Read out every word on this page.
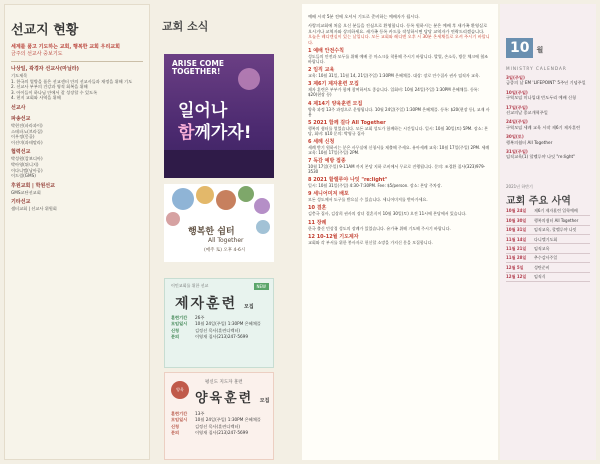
선교지 현황
세계를 품고 기도하는 교회, 행복한 교회 우리교회
금주의 선교사 중보기도
나상일, 곽경자 선교사(마닐라)
기도제목
1. 한국의 열방을 품은 선교센터 안의 선교사들과 재정을 위해 기도
2. 선교사 부부의 건강과 영적 회복을 위해
3. 아이들이 하나님 안에서 잘 성장할 수 있도록
4. 현지 교회와 사역을 위해
선교사
파송선교
박현진(파라과이)
스테파노(브라질)
이우정(몽골)
이선미(과테말라)
협력선교
박성원(캄보디아)
박아영(튀니지)
이다니엘(남아공)
이드림(GMS)
후원교회 | 학원선교
GMS교단선교회
기타선교
샘터교회 | 선교사 위원회
교회 소식
ARISE COME TOGETHER!
일어나
함께가자!
행복한 쉼터
All Together
(매주 토) 오후 4-6시
이민교회를 위한 선교	NEW
제자훈련 모집
훈련기간 26주
모임일시 10월 24일(주일) 1:30PM 은혜채플
신청	김정선 목사(훈련디렉터)
문의	이영재 집사(213)247-5699
양육
평신도 지도자 훈련
양육훈련 모집
훈련기간 13주
모임일시 10월 24일(주일) 1:30PM 은혜채플
신청	김정선 목사(훈련디렉터)
문의	이영재 집사(213)247-5699
예배 시작 5분 전에 오셔서 기도로 준비하는 예배자가 됩시다.
사랑의교회에 처음 오신 분들을 진심으로 환영합니다. 등록 원하시는 분은 예배 후 새가족 환영실로 오시거나 교역자와 상의하세요. 새가족 등록 카드를 작성하시면 담당 교역자가 연락드리겠습니다.
오늘은 레디엔실이 있는 날입니다. 모든 교회와 레디엔 오후 시 30분 온세채플로 오셔 주시기 바랍니다.
1 예배 안전수칙
성도들의 안전과 모두를 위해 예배 중 마스크를 착용해 주시기 바랍니다. 발열, 손소독, 방문 체크에 협조 바랍니다.
2 임직 교육
교육: 10월 31일, 11월 14, 21일(주일) 1:30PM 은혜채플. 대상: 장로 안수집사 권사 임직자 교육.
3 제6기 제자훈련 모집
제자 훈련은 부부가 함께 참여하셔도 좋습니다. 입회비: 10월 24일(주일) 1:30PM 은혜채플. 등록: $20(현장 등)
4 제14기 양육훈련 모집
양육 과정 13주 과정으로 운영됩니다. 10월 24일(주일) 1:30PM 은혜채플. 등록: $20(현장 등), 교재 사용
5 2021 함께 걸다 All Together
행복의 쉼터를 열었습니다. 모든 교회 성도가 함께하는 시간입니다. 일시: 10월 30일(토) 5PM. 장소: 본당, 회비: $10 문의: 박영규 집사
6 세례 신청
세례 받기 원하시는 분은 사무실에 신청서를 제출해 주세요. 유아세례 교육: 10월 17일(주일) 2PM. 세례 교육: 10월 17일(주일) 2PM.
7 독감 예방 접종
10월 17일(주일) 9-11AM 까지 본당 지하 로비에서 무료로 진행됩니다. 문의: 조경환 집사(323)979-3530
8 2021 할렐루야 나잇 "re:light"
일시: 10월 31일(주일) 4:30-7:30PM. Fee: $5/person. 장소: 본당 주차장.
9 세니어미져 배포
모든 성도께서 도구를 받으실 수 있습니다. 세니어미져를 받아가세요.
10 결혼
김충국 집사, 김상희 권사의 장녀 결혼식이 10월 30일(토) 오전 11시에 본당에서 있습니다.
11 장례
한국 출신 민상경 성도의 장례가 있었습니다. 유가족 위해 기도해 주시기 바랍니다.
12 10-12월 기도제자
교회와 각 부서를 위한 봉사자로 헌신할 소망을 가지신 분을 모집합니다.
10 월
MINISTRY CALENDAR
3일(주일)
금종의 날 EM 'LIFEPOINT' 5주년 기념주일
10일(주일)
구역모임 미나입대 빈도두리 예배 신청
17일(주일)
선교의날 종교개혁주일
24일(주일)
구역모임 세례 교육 시작 제6기 제자훈련
30일(토)
행복의쉼터 All Together
31일(주일)
임직교육(1) 할렐루야 나잇 "re:light"
2021년 하반기
교회 주요 사역
10월 24일	제6기 제자훈련 입학예배
10월 30일	행복의쉼터 All Together
10월 31일	임직교육, 할렐루야 나잇
11월 14일	다니엘기도회
11월 21일	임직교육
11월 28일	추수감사주일
12월 5일	성탄준비
12월 12일	임직식
